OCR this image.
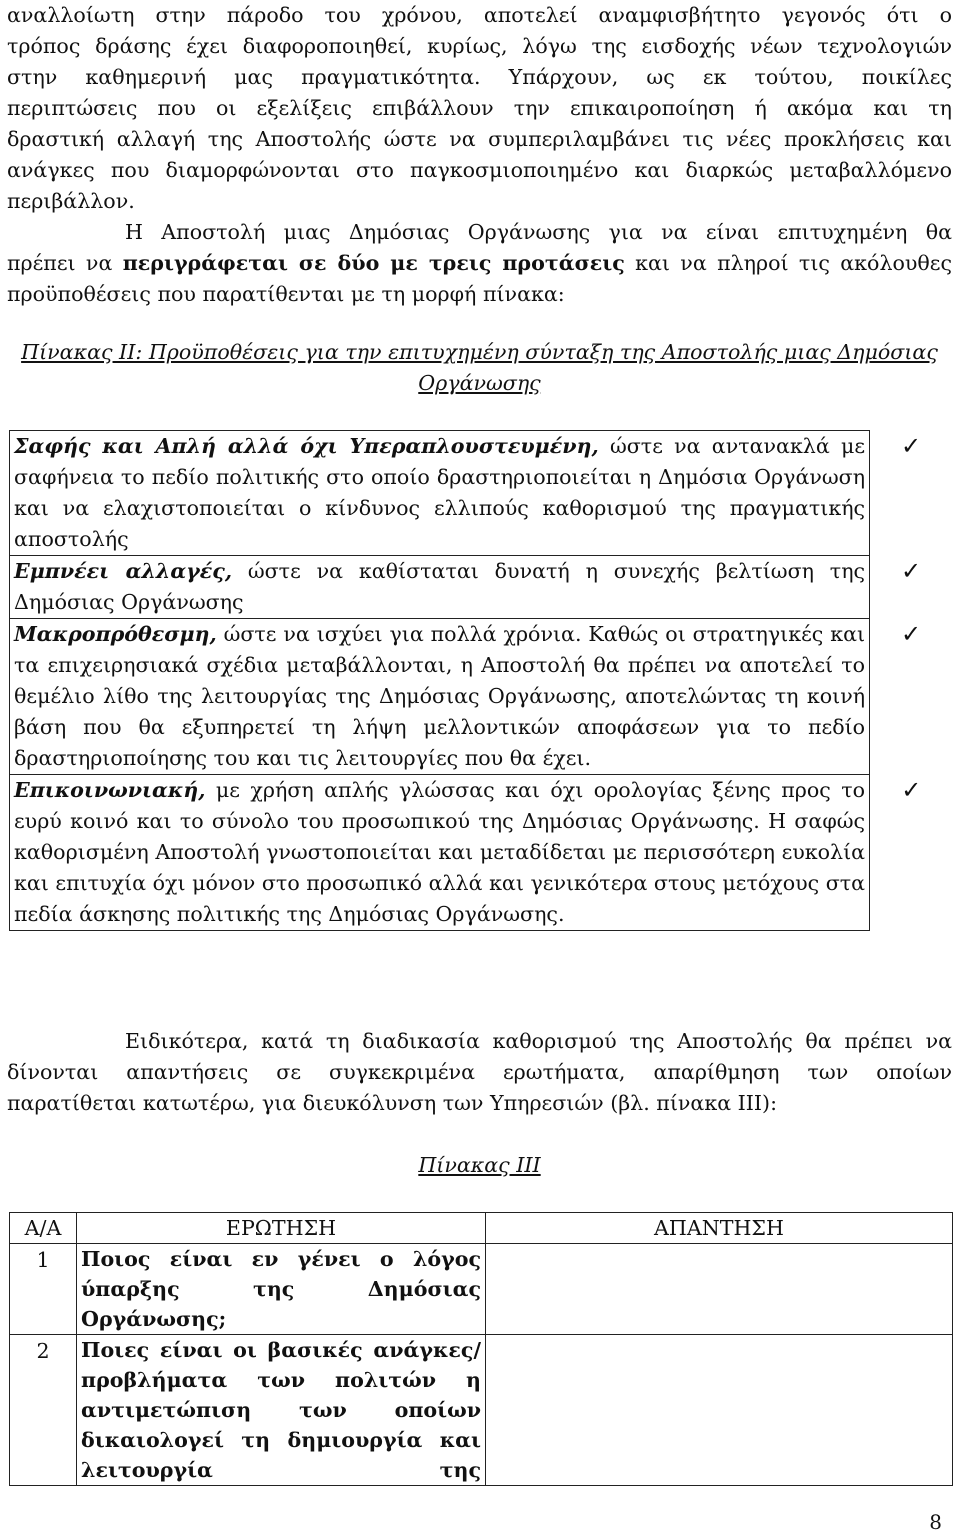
αναλλοίωτη στην πάροδο του χρόνου, αποτελεί αναμφισβήτητο γεγονός ότι ο
τρόπος δράσης έχει διαφοροποιηθεί, κυρίως, λόγω της εισδοχής νέων τεχνολογιών
στην καθημερινή μας πραγματικότητα. Υπάρχουν, ως εκ τούτου, ποικίλες
περιπτώσεις που οι εξελίξεις επιβάλλουν την επικαιροποίηση ή ακόμα και τη
δραστική αλλαγή της Αποστολής ώστε να συμπεριλαμβάνει τις νέες προκλήσεις και
ανάγκες που διαμορφώνονται στο παγκοσμιοποιημένο και διαρκώς μεταβαλλόμενο
περιβάλλον.
Η Αποστολή μιας Δημόσιας Οργάνωσης για να είναι επιτυχημένη θα
πρέπει να περιγράφεται σε δύο με τρεις προτάσεις και να πληροί τις ακόλουθες
προϋποθέσεις που παρατίθενται με τη μορφή πίνακα:
Πίνακας ΙΙ: Προϋποθέσεις για την επιτυχημένη σύνταξη της Αποστολής μιας Δημόσιας
Οργάνωσης
Σαφής και Απλή αλλά όχι Υπεραπλουστευμένη, ώστε να αντανακλά με σαφήνεια το πεδίο πολιτικής στο οποίο δραστηριοποιείται η Δημόσια Οργάνωση και να ελαχιστοποιείται ο κίνδυνος ελλιπούς καθορισμού της πραγματικής αποστολής	✓
Εμπνέει αλλαγές, ώστε να καθίσταται δυνατή η συνεχής βελτίωση της Δημόσιας Οργάνωσης	✓
Μακροπρόθεσμη, ώστε να ισχύει για πολλά χρόνια. Καθώς οι στρατηγικές και τα επιχειρησιακά σχέδια μεταβάλλονται, η Αποστολή θα πρέπει να αποτελεί το θεμέλιο λίθο της λειτουργίας της Δημόσιας Οργάνωσης, αποτελώντας τη κοινή βάση που θα εξυπηρετεί τη λήψη μελλοντικών αποφάσεων για το πεδίο δραστηριοποίησης του και τις λειτουργίες που θα έχει.	✓
Επικοινωνιακή, με χρήση απλής γλώσσας και όχι ορολογίας ξένης προς το ευρύ κοινό και το σύνολο του προσωπικού της Δημόσιας Οργάνωσης. Η σαφώς καθορισμένη Αποστολή γνωστοποιείται και μεταδίδεται με περισσότερη ευκολία και επιτυχία όχι μόνον στο προσωπικό αλλά και γενικότερα στους μετόχους στα πεδία άσκησης πολιτικής της Δημόσιας Οργάνωσης.	✓
Ειδικότερα, κατά τη διαδικασία καθορισμού της Αποστολής θα πρέπει να
δίνονται απαντήσεις σε συγκεκριμένα ερωτήματα, απαρίθμηση των οποίων
παρατίθεται κατωτέρω, για διευκόλυνση των Υπηρεσιών (βλ. πίνακα ΙΙΙ):
Πίνακας ΙΙΙ
Α/Α	ΕΡΩΤΗΣΗ	ΑΠΑΝΤΗΣΗ
1	Ποιος είναι εν γένει ο λόγος ύπαρξης της Δημόσιας Οργάνωσης;	
2	Ποιες είναι οι βασικές ανάγκες/προβλήματα των πολιτών η αντιμετώπιση των οποίων δικαιολογεί τη δημιουργία και λειτουργία της	
8
